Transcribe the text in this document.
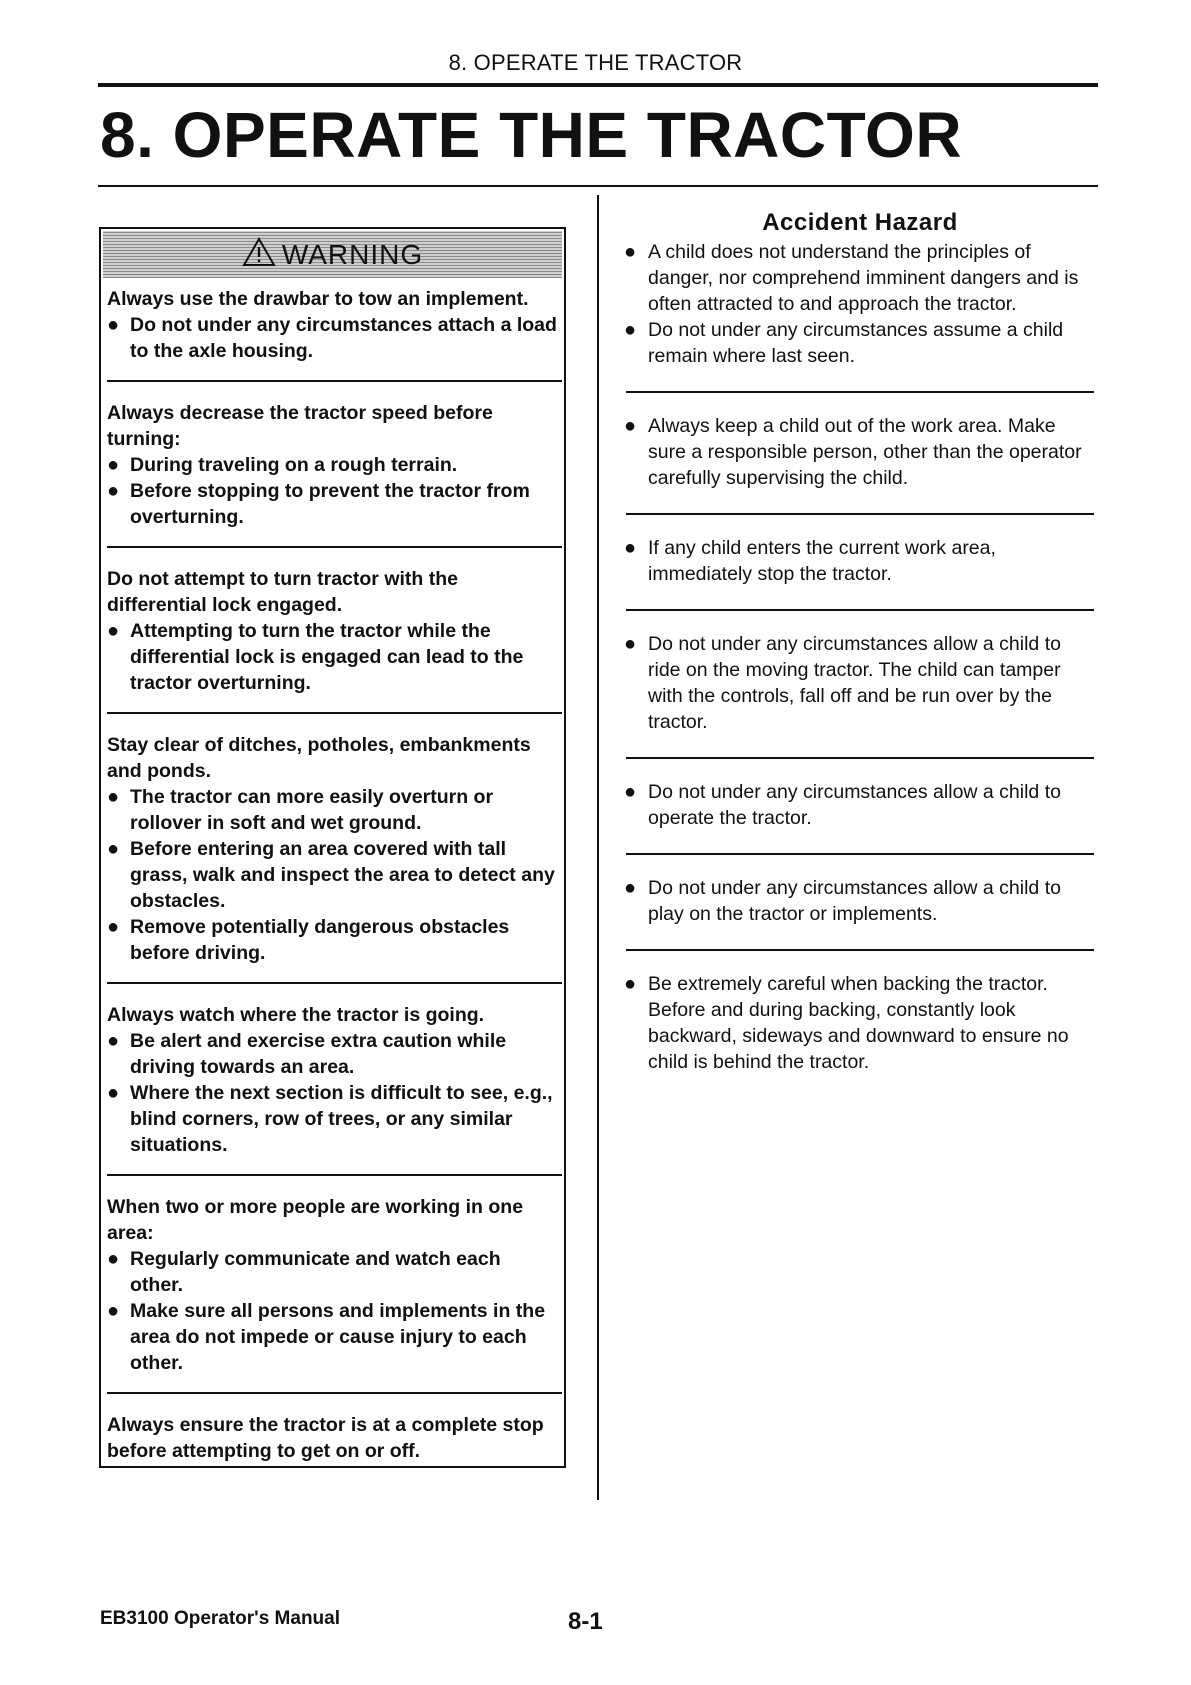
8. OPERATE THE TRACTOR
8. OPERATE THE TRACTOR
WARNING
Always use the drawbar to tow an implement.
● Do not under any circumstances attach a load to the axle housing.
Always decrease the tractor speed before turning:
● During traveling on a rough terrain.
● Before stopping to prevent the tractor from overturning.
Do not attempt to turn tractor with the differential lock engaged.
● Attempting to turn the tractor while the differential lock is engaged can lead to the tractor overturning.
Stay clear of ditches, potholes, embankments and ponds.
● The tractor can more easily overturn or rollover in soft and wet ground.
● Before entering an area covered with tall grass, walk and inspect the area to detect any obstacles.
● Remove potentially dangerous obstacles before driving.
Always watch where the tractor is going.
● Be alert and exercise extra caution while driving towards an area.
● Where the next section is difficult to see, e.g., blind corners, row of trees, or any similar situations.
When two or more people are working in one area:
● Regularly communicate and watch each other.
● Make sure all persons and implements in the area do not impede or cause injury to each other.
Always ensure the tractor is at a complete stop before attempting to get on or off.
Accident Hazard
● A child does not understand the principles of danger, nor comprehend imminent dangers and is often attracted to and approach the tractor.
● Do not under any circumstances assume a child remain where last seen.
● Always keep a child out of the work area. Make sure a responsible person, other than the operator carefully supervising the child.
● If any child enters the current work area, immediately stop the tractor.
● Do not under any circumstances allow a child to ride on the moving tractor. The child can tamper with the controls, fall off and be run over by the tractor.
● Do not under any circumstances allow a child to operate the tractor.
● Do not under any circumstances allow a child to play on the tractor or implements.
● Be extremely careful when backing the tractor. Before and during backing, constantly look backward, sideways and downward to ensure no child is behind the tractor.
EB3100 Operator's Manual	8-1
